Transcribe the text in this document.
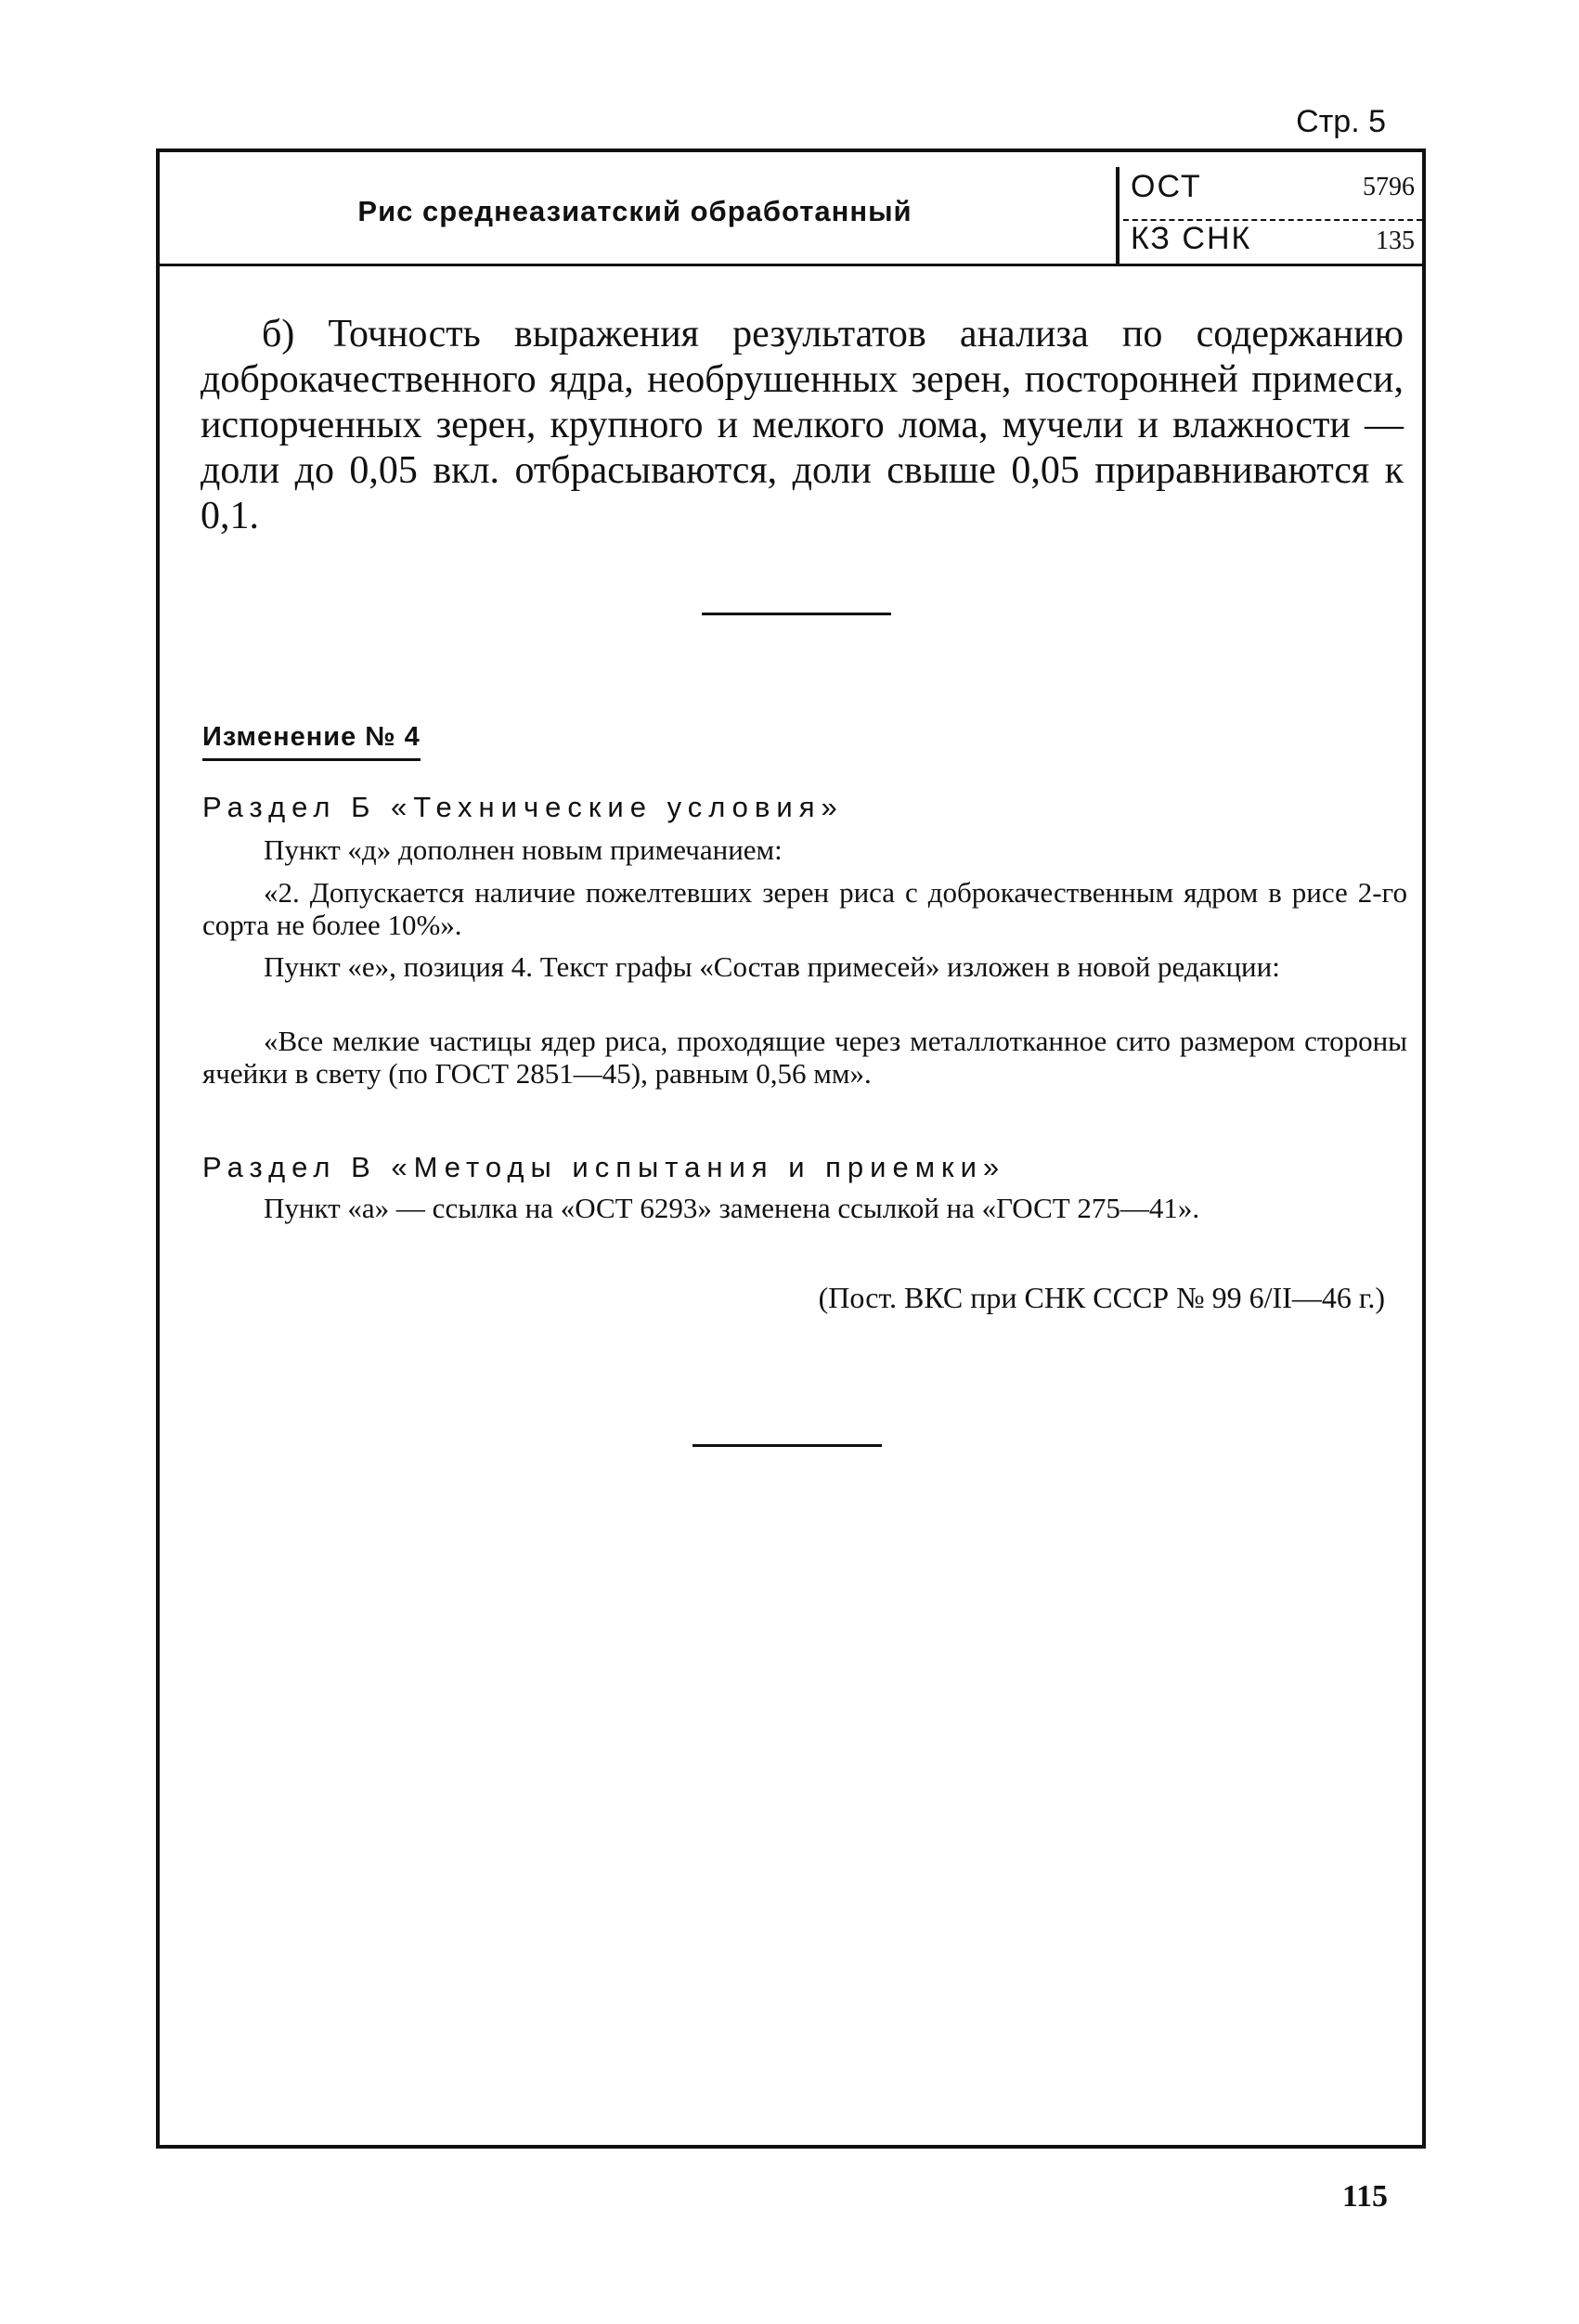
Стр. 5
Рис среднеазиатский обработанный
ОСТ	5796
КЗ СНК	135
б) Точность выражения результатов анализа по содержанию доброкачественного ядра, необрушенных зерен, посторонней примеси, испорченных зерен, крупного и мелкого лома, мучели и влажности — доли до 0,05 вкл. отбрасываются, доли свыше 0,05 приравниваются к 0,1.
Изменение № 4
Раздел Б «Технические условия»
Пункт «д» дополнен новым примечанием:
«2. Допускается наличие пожелтевших зерен риса с доброкачественным ядром в рисе 2-го сорта не более 10%».
Пункт «е», позиция 4. Текст графы «Состав примесей» изложен в новой редакции:
«Все мелкие частицы ядер риса, проходящие через металлотканное сито размером стороны ячейки в свету (по ГОСТ 2851—45), равным 0,56 мм».
Раздел В «Методы испытания и приемки»
Пункт «а» — ссылка на «ОСТ 6293» заменена ссылкой на «ГОСТ 275—41».
(Пост. ВКС при СНК СССР № 99 6/II—46 г.)
115
